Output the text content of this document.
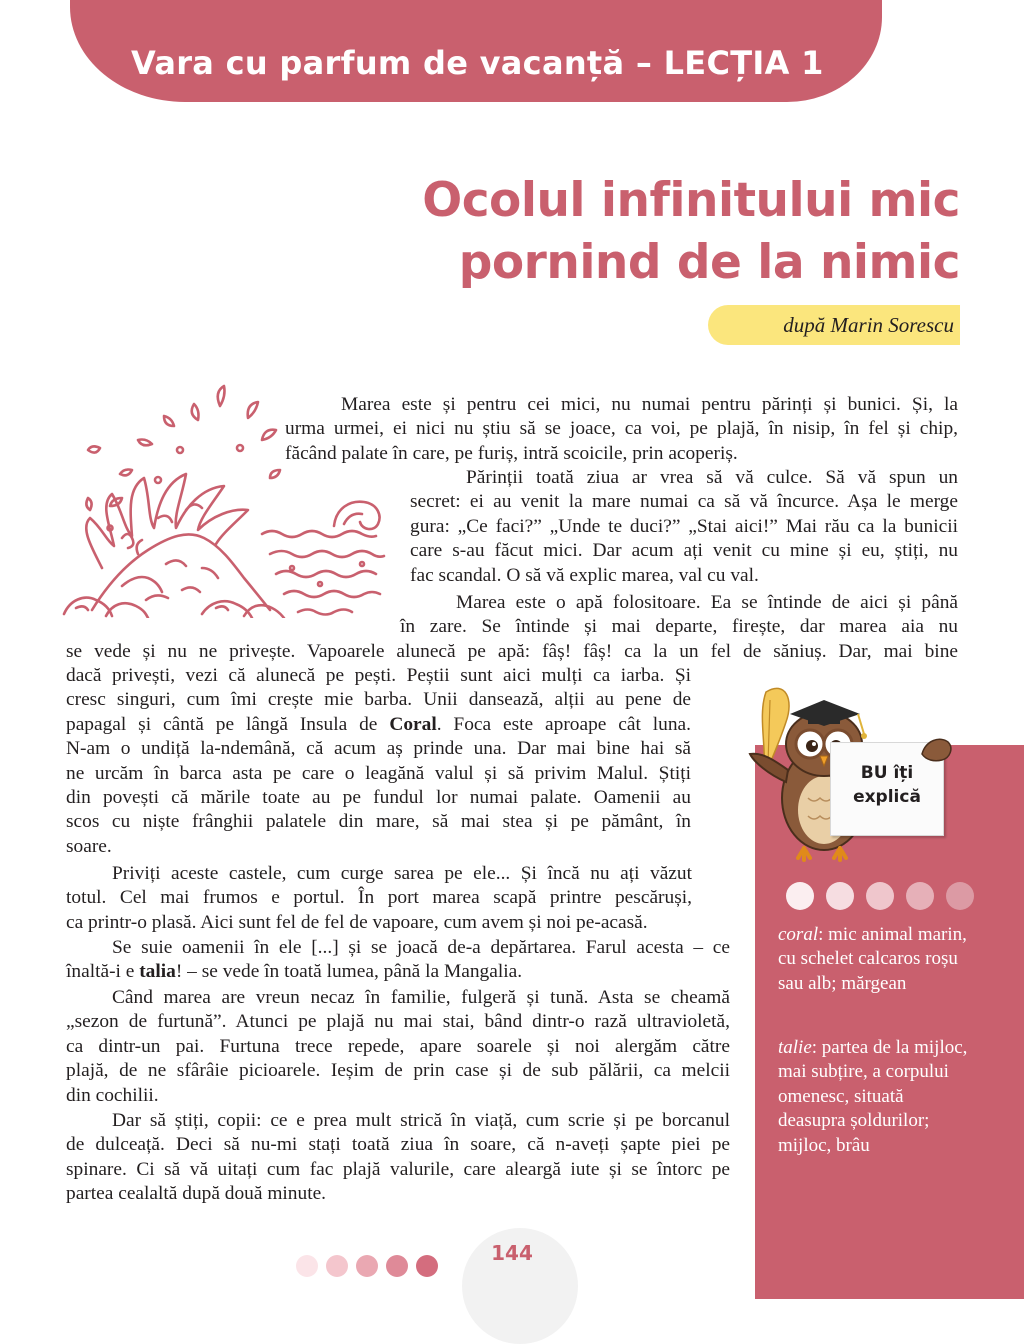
Vara cu parfum de vacanță – LECȚIA 1
Ocolul infinitului mic
pornind de la nimic
după Marin Sorescu
Marea este și pentru cei mici, nu numai pentru părinți și bunici. Și, la
urma urmei, ei nici nu știu să se joace, ca voi, pe plajă, în nisip, în fel și chip,
făcând palate în care, pe furiș, intră scoicile, prin acoperiș.
Părinții toată ziua ar vrea să vă culce. Să vă spun un
secret: ei au venit la mare numai ca să vă încurce. Așa le merge
gura: „Ce faci?” „Unde te duci?” „Stai aici!” Mai rău ca la bunicii
care s-au făcut mici. Dar acum ați venit cu mine și eu, știți, nu
fac scandal. O să vă explic marea, val cu val.
Marea este o apă folositoare. Ea se întinde de aici și până
în zare. Se întinde și mai departe, firește, dar marea aia nu
se vede și nu ne privește. Vapoarele alunecă pe apă: fâș! fâș! ca la un fel de săniuș. Dar, mai bine
dacă privești, vezi că alunecă pe pești. Peștii sunt aici mulți ca iarba. Și
cresc singuri, cum îmi crește mie barba. Unii dansează, alții au pene de
papagal și cântă pe lângă Insula de Coral. Foca este aproape cât luna.
N-am o undiță la-ndemână, că acum aș prinde una. Dar mai bine hai să
ne urcăm în barca asta pe care o leagănă valul și să privim Malul. Știți
din povești că mările toate au pe fundul lor numai palate. Oamenii au
scos cu niște frânghii palatele din mare, să mai stea și pe pământ, în
soare.
Priviți aceste castele, cum curge sarea pe ele... Și încă nu ați văzut
totul. Cel mai frumos e portul. În port marea scapă printre pescăruși,
ca printr-o plasă. Aici sunt fel de fel de vapoare, cum avem și noi pe-acasă.
Se suie oamenii în ele [...] și se joacă de-a depărtarea. Farul acesta – ce
înaltă-i e talia! – se vede în toată lumea, până la Mangalia.
Când marea are vreun necaz în familie, fulgeră și tună. Asta se cheamă
„sezon de furtună”. Atunci pe plajă nu mai stai, bând dintr-o rază ultravioletă,
ca dintr-un pai. Furtuna trece repede, apare soarele și noi alergăm către
plajă, de ne sfârâie picioarele. Ieșim de prin case și de sub pălării, ca melcii
din cochilii.
Dar să știți, copii: ce e prea mult strică în viață, cum scrie și pe borcanul
de dulceață. Deci să nu-mi stați toată ziua în soare, că n-aveți șapte piei pe
spinare. Ci să vă uitați cum fac plajă valurile, care aleargă iute și se întorc pe
partea cealaltă după două minute.
BU îți
explică

coral: mic animal marin, cu schelet calcaros roșu sau alb; mărgean

talie: partea de la mijloc, mai subțire, a corpului omenesc, situată deasupra șoldurilor; mijloc, brâu

144
